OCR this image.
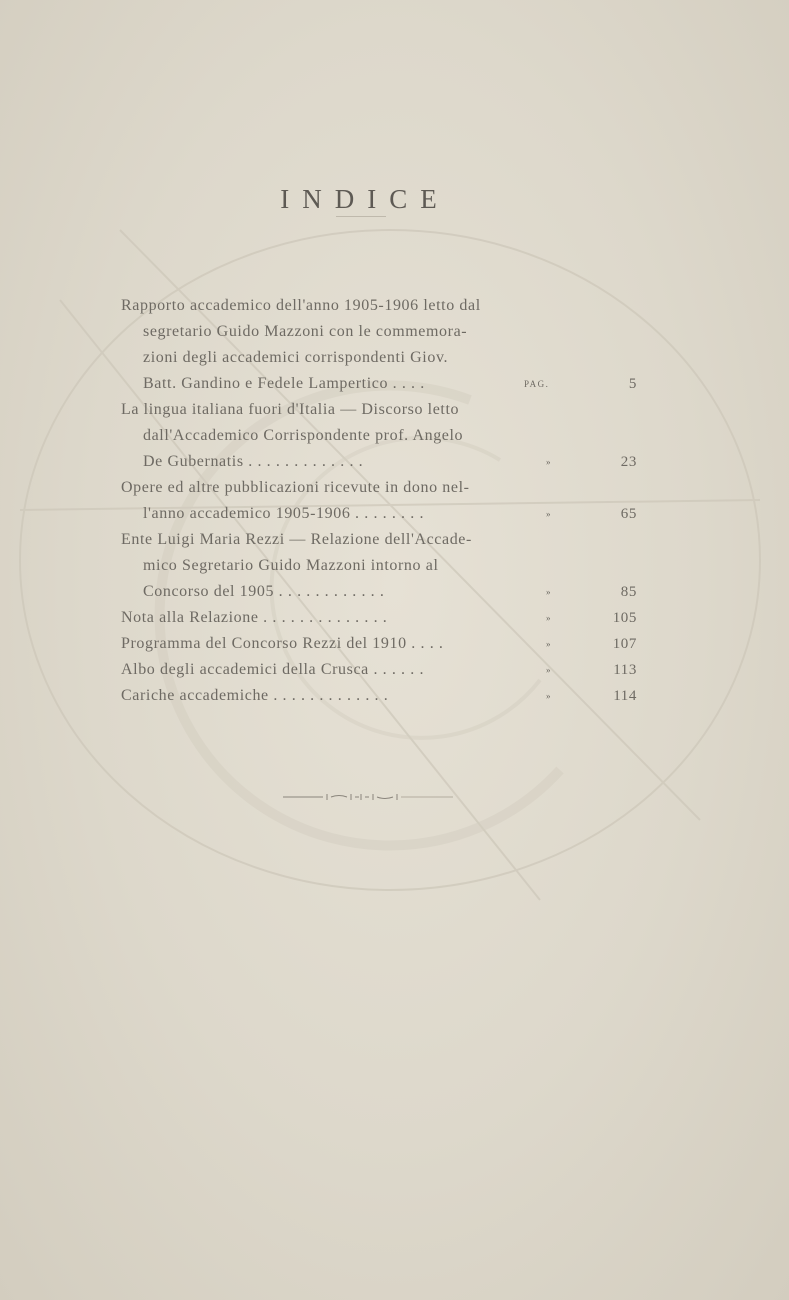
INDICE
Rapporto accademico dell'anno 1905-1906 letto dal
segretario Guido Mazzoni con le commemora-
zioni degli accademici corrispondenti Giov.
Batt. Gandino e Fedele Lampertico . . . .	PAG.	5
La lingua italiana fuori d'Italia — Discorso letto
dall'Accademico Corrispondente prof. Angelo
De Gubernatis . . . . . . . . . . . . .	»	23
Opere ed altre pubblicazioni ricevute in dono nel-
l'anno accademico 1905-1906 . . . . . . . .	»	65
Ente Luigi Maria Rezzi — Relazione dell'Accade-
mico Segretario Guido Mazzoni intorno al
Concorso del 1905 . . . . . . . . . . . .	»	85
Nota alla Relazione . . . . . . . . . . . . . .	»	105
Programma del Concorso Rezzi del 1910 . . . .	»	107
Albo degli accademici della Crusca . . . . . .	»	113
Cariche accademiche . . . . . . . . . . . . .	»	114
